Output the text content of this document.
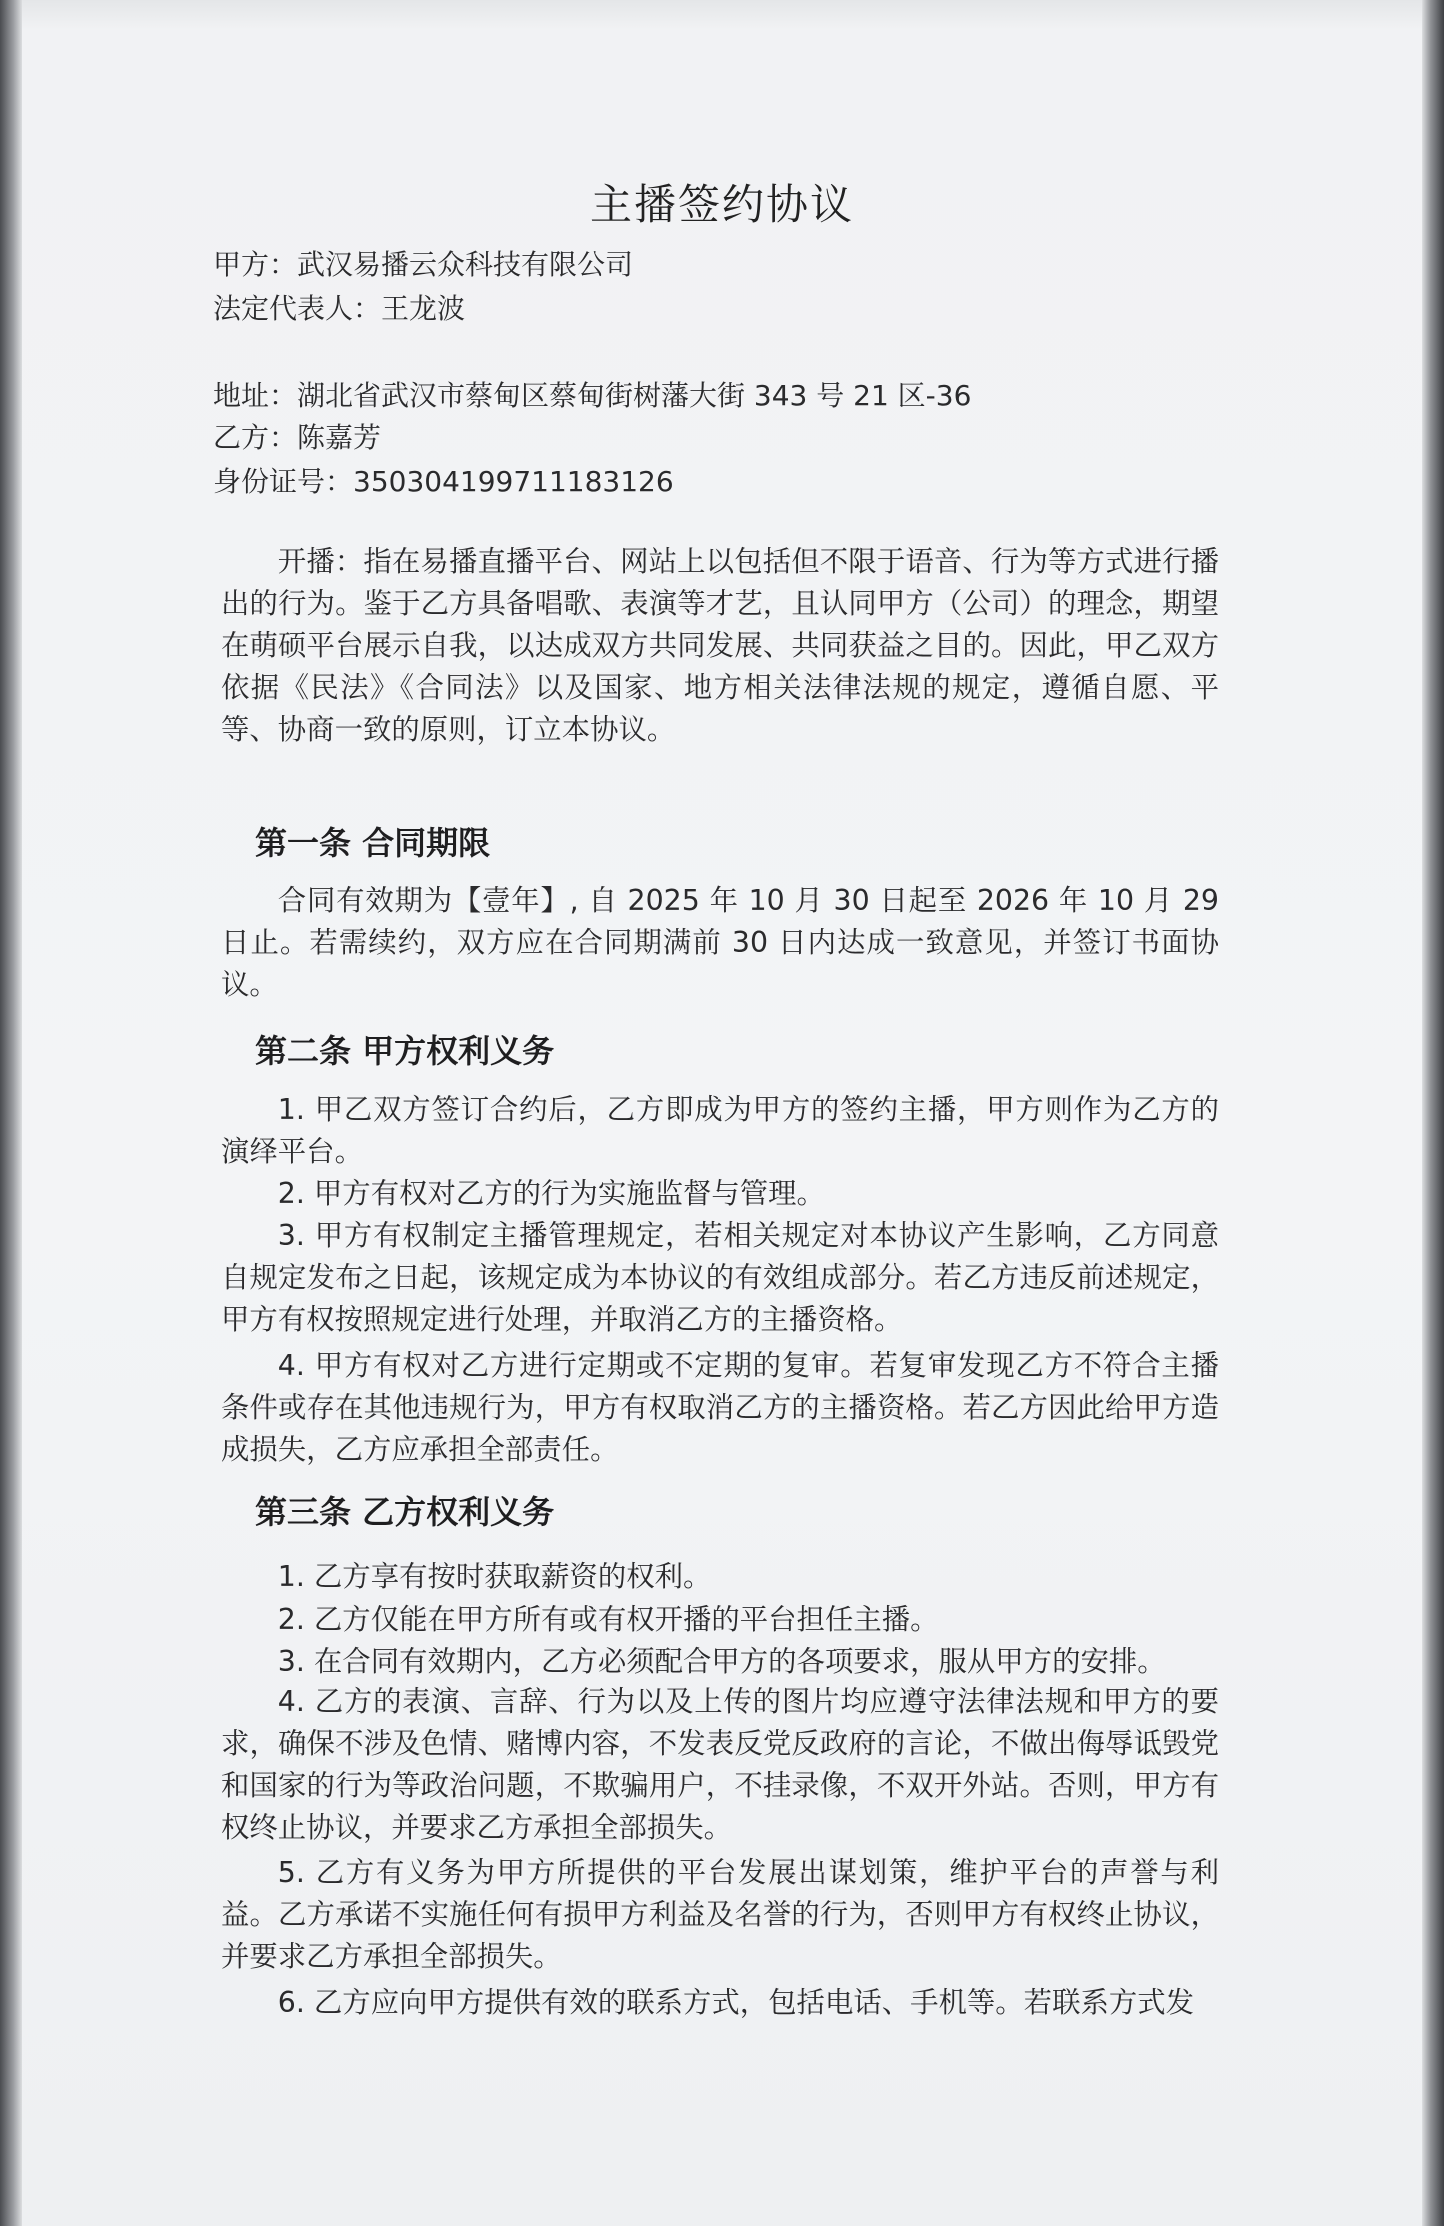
主播签约协议
甲方：武汉易播云众科技有限公司
法定代表人：王龙波
地址：湖北省武汉市蔡甸区蔡甸街树藩大街 343 号 21 区-36
乙方：陈嘉芳
身份证号：350304199711183126
开播：指在易播直播平台、网站上以包括但不限于语音、行为等方式进行播出的行为。鉴于乙方具备唱歌、表演等才艺，且认同甲方（公司）的理念，期望在萌硕平台展示自我，以达成双方共同发展、共同获益之目的。因此，甲乙双方依据《民法》《合同法》以及国家、地方相关法律法规的规定，遵循自愿、平等、协商一致的原则，订立本协议。
第一条 合同期限
合同有效期为【壹年】, 自 2025 年 10 月 30 日起至 2026 年 10 月 29 日止。若需续约，双方应在合同期满前 30 日内达成一致意见，并签订书面协议。
第二条 甲方权利义务
1. 甲乙双方签订合约后，乙方即成为甲方的签约主播，甲方则作为乙方的演绎平台。
2. 甲方有权对乙方的行为实施监督与管理。
3. 甲方有权制定主播管理规定，若相关规定对本协议产生影响，乙方同意自规定发布之日起，该规定成为本协议的有效组成部分。若乙方违反前述规定，甲方有权按照规定进行处理，并取消乙方的主播资格。
4. 甲方有权对乙方进行定期或不定期的复审。若复审发现乙方不符合主播条件或存在其他违规行为，甲方有权取消乙方的主播资格。若乙方因此给甲方造成损失，乙方应承担全部责任。
第三条 乙方权利义务
1. 乙方享有按时获取薪资的权利。
2. 乙方仅能在甲方所有或有权开播的平台担任主播。
3. 在合同有效期内，乙方必须配合甲方的各项要求，服从甲方的安排。
4. 乙方的表演、言辞、行为以及上传的图片均应遵守法律法规和甲方的要求，确保不涉及色情、赌博内容，不发表反党反政府的言论，不做出侮辱诋毁党和国家的行为等政治问题，不欺骗用户，不挂录像，不双开外站。否则，甲方有权终止协议，并要求乙方承担全部损失。
5. 乙方有义务为甲方所提供的平台发展出谋划策，维护平台的声誉与利益。乙方承诺不实施任何有损甲方利益及名誉的行为，否则甲方有权终止协议，并要求乙方承担全部损失。
6. 乙方应向甲方提供有效的联系方式，包括电话、手机等。若联系方式发
